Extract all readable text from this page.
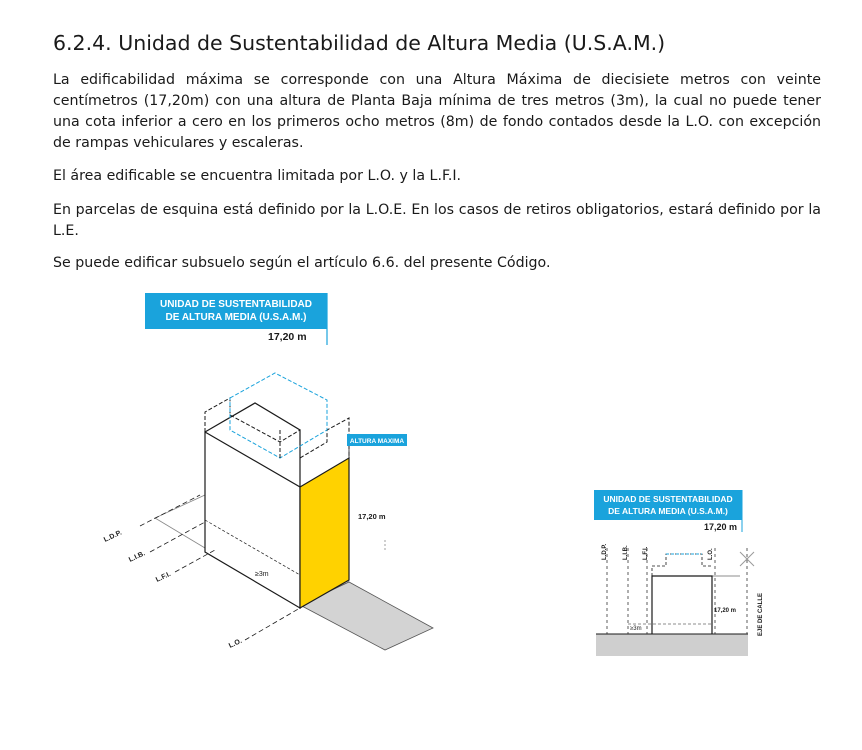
6.2.4. Unidad de Sustentabilidad de Altura Media (U.S.A.M.)

La edificabilidad máxima se corresponde con una Altura Máxima de diecisiete metros con veinte centímetros (17,20m) con una altura de Planta Baja mínima de tres metros (3m), la cual no puede tener una cota inferior a cero en los primeros ocho metros (8m) de fondo contados desde la L.O. con excepción de rampas vehiculares y escaleras.

El área edificable se encuentra limitada por L.O. y la L.F.I.

En parcelas de esquina está definido por la L.O.E. En los casos de retiros obligatorios, estará definido por la L.E.

Se puede edificar subsuelo según el artículo 6.6. del presente Código.

UNIDAD DE SUSTENTABILIDAD
DE ALTURA MEDIA (U.S.A.M.)
17,20 m
ALTURA MAXIMA
17,20 m
≥3m
L.D.P.
L.I.B.
L.F.I.
L.O.
UNIDAD DE SUSTENTABILIDAD
DE ALTURA MEDIA (U.S.A.M.)
17,20 m
L.D.P.	L.I.B. L.F.I.	L.O.
17,20 m
≥3m	EJE DE CALLE
